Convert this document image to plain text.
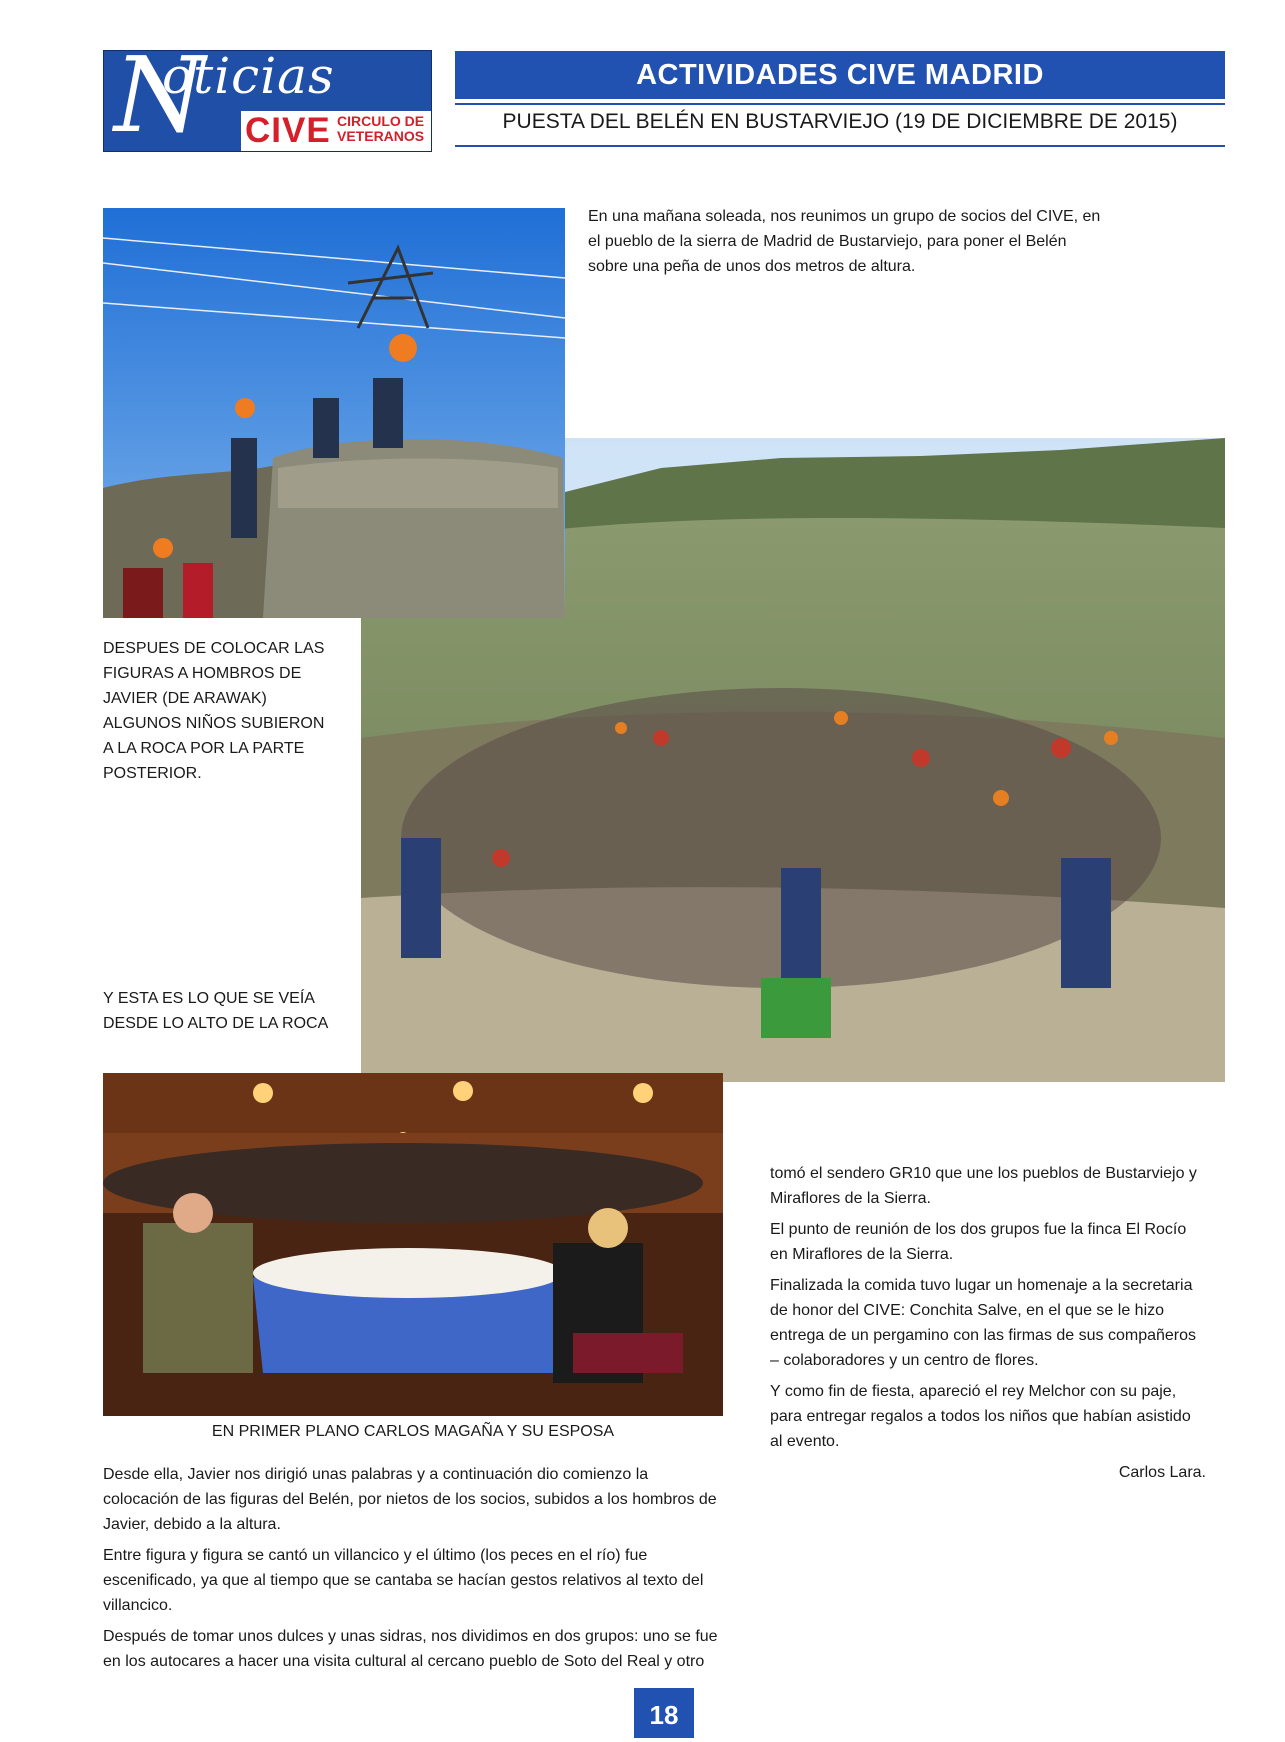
N
oticias
CIVE CIRCULO DE
VETERANOS
ACTIVIDADES CIVE MADRID
PUESTA DEL BELÉN EN BUSTARVIEJO (19 DE DICIEMBRE DE 2015)
En una mañana soleada, nos reunimos un grupo de socios del CIVE, en el pueblo de la sierra de Madrid de Bustarviejo, para poner el Belén sobre una peña de unos dos metros de altura.
DESPUES DE COLOCAR LAS FIGURAS A HOMBROS DE JAVIER (DE ARAWAK) ALGUNOS NIÑOS SUBIERON A LA ROCA POR LA PARTE POSTERIOR.
Y ESTA ES LO QUE SE VEÍA DESDE LO ALTO DE LA ROCA
EN PRIMER PLANO CARLOS MAGAÑA Y SU ESPOSA

Desde ella, Javier nos dirigió unas palabras y a continuación dio comienzo la colocación de las figuras del Belén, por nietos de los socios, subidos a los hombros de Javier, debido a la altura.

Entre figura y figura se cantó un villancico y el último (los peces en el río) fue escenificado, ya que al tiempo que se cantaba se hacían gestos relativos al texto del villancico.

Después de tomar unos dulces y unas sidras, nos dividimos en dos grupos: uno se fue en los autocares a hacer una visita cultural al cercano pueblo de Soto del Real y otro

tomó el sendero GR10 que une los pueblos de Bustarviejo y Miraflores de la Sierra.

El punto de reunión de los dos grupos fue la finca El Rocío en Miraflores de la Sierra.

Finalizada la comida tuvo lugar un homenaje a la secretaria de honor del CIVE: Conchita Salve, en el que se le hizo entrega de un pergamino con las firmas de sus compañeros – colaboradores y un centro de flores.

Y como fin de fiesta, apareció el rey Melchor con su paje, para entregar regalos a todos los niños que habían asistido al evento.

Carlos Lara.

18
